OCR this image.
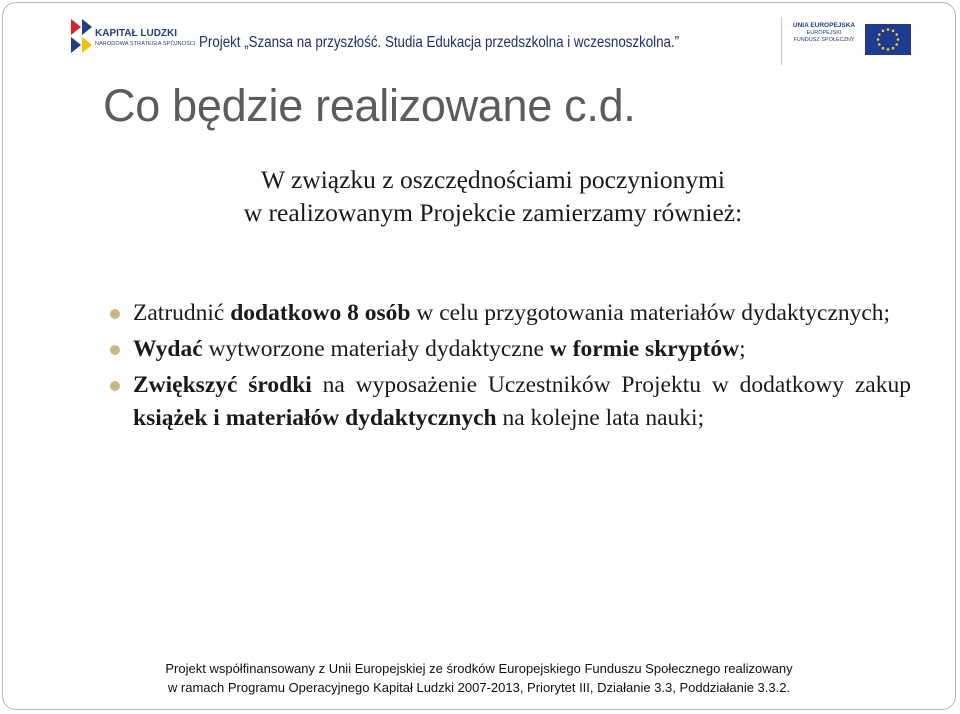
KAPITAŁ LUDZKI
NARODOWA STRATEGIA SPÓJNOŚCI Projekt „Szansa na przyszłość. Studia Edukacja przedszkolna i wczesnoszkolna.”
UNIA EUROPEJSKA
EUROPEJSKI
FUNDUSZ SPOŁECZNY
Co będzie realizowane c.d.
W związku z oszczędnościami poczynionymi
w realizowanym Projekcie zamierzamy również:
Zatrudnić dodatkowo 8 osób w celu przygotowania materiałów dydaktycznych;
Wydać wytworzone materiały dydaktyczne w formie skryptów;
Zwiększyć środki na wyposażenie Uczestników Projektu w dodatkowy zakup książek i materiałów dydaktycznych na kolejne lata nauki;
Projekt współfinansowany z Unii Europejskiej ze środków Europejskiego Funduszu Społecznego realizowany
w ramach Programu Operacyjnego Kapitał Ludzki 2007-2013, Priorytet III, Działanie 3.3, Poddziałanie 3.3.2.
